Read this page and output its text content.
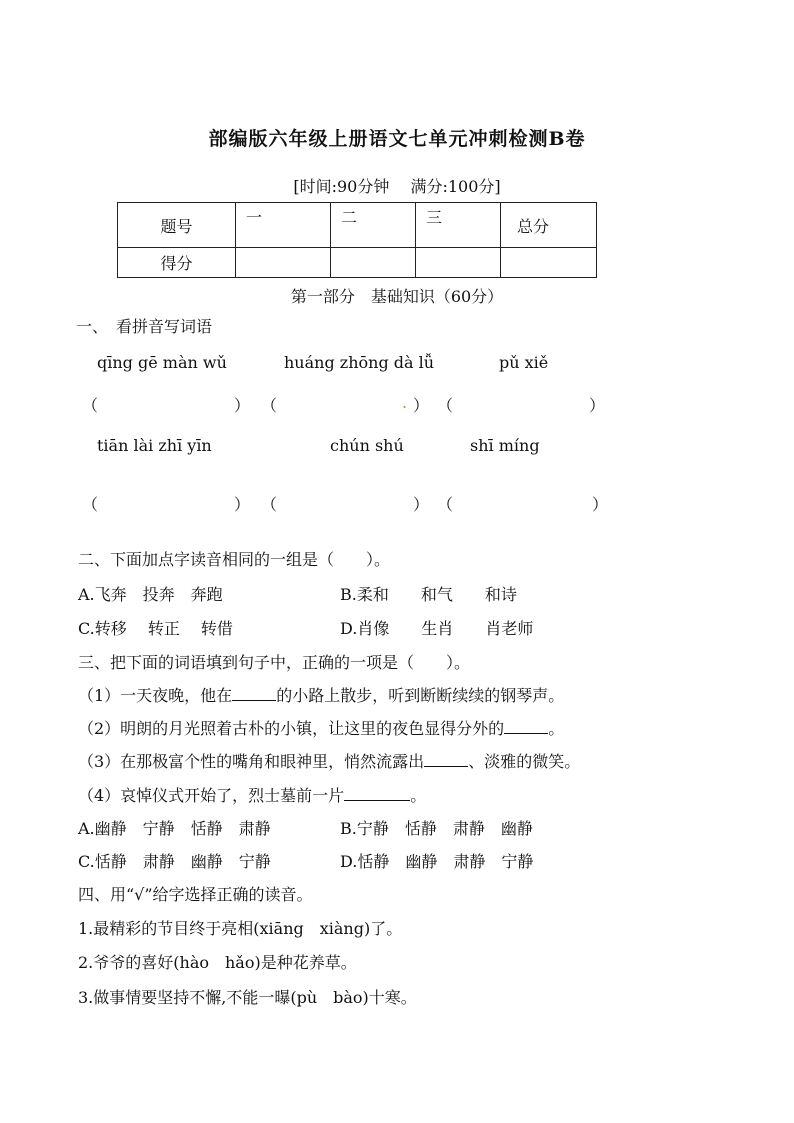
部编版六年级上册语文七单元冲刺检测B卷
[时间:90分钟　 满分:100分]
题号	一	二	三	总分
得分				
第一部分　基础知识（60分）
一、　看拼音写词语
qīng gē màn wǔ	huáng zhōng dà lǚ	pǔ xiě
（	） （	. ） （	）
tiān lài zhī yīn	chún shú	shī míng
（	） （	） （	）
二、下面加点字读音相同的一组是（　　）。
A.飞奔　投奔　奔跑	B.柔和　　和气　　和诗
C.转移　 转正　 转借	D.肖像　　生肖　　肖老师
三、把下面的词语填到句子中，正确的一项是（　　）。
（1）一天夜晚，他在	的小路上散步，听到断断续续的钢琴声。
（2）明朗的月光照着古朴的小镇，让这里的夜色显得分外的	。
（3）在那极富个性的嘴角和眼神里，悄然流露出	、淡雅的微笑。
（4）哀悼仪式开始了，烈士墓前一片	。
A.幽静　宁静　恬静　肃静	B.宁静　恬静　肃静　幽静
C.恬静　肃静　幽静　宁静	D.恬静　幽静　肃静　宁静
四、用“√”给字选择正确的读音。
1.最精彩的节目终于亮相(xiāng　xiàng)了。
2.爷爷的喜好(hào　hǎo)是种花养草。
3.做事情要坚持不懈,不能一曝(pù　bào)十寒。
